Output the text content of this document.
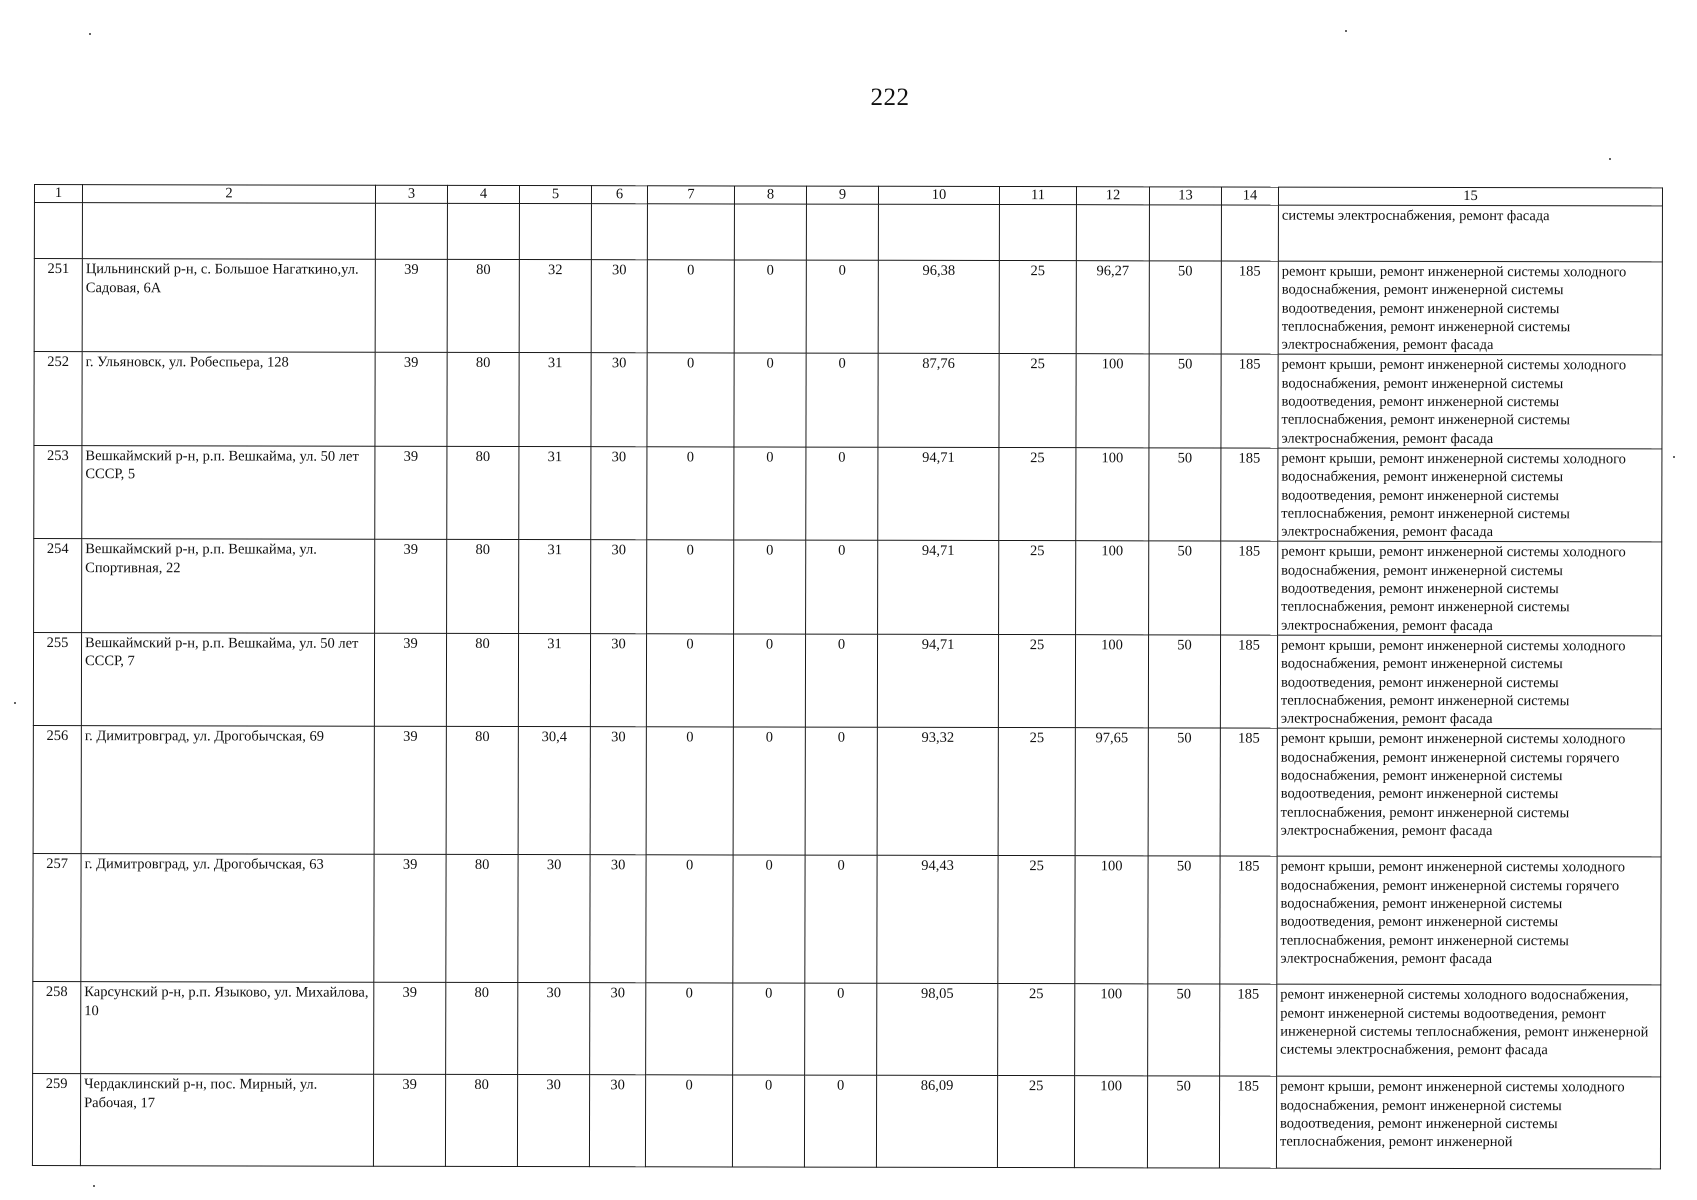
222
1	2	3	4	5	6	7	8	9	10	11	12	13	14	15
														системы электроснабжения, ремонт фасада
251	Цильнинский р-н, с. Большое Нагаткино,ул. Садовая, 6А	39	80	32	30	0	0	0	96,38	25	96,27	50	185	ремонт крыши, ремонт инженерной системы холодного водоснабжения, ремонт инженерной системы водоотведения, ремонт инженерной системы теплоснабжения, ремонт инженерной системы электроснабжения, ремонт фасада
252	г. Ульяновск, ул. Робеспьера, 128	39	80	31	30	0	0	0	87,76	25	100	50	185	ремонт крыши, ремонт инженерной системы холодного водоснабжения, ремонт инженерной системы водоотведения, ремонт инженерной системы теплоснабжения, ремонт инженерной системы электроснабжения, ремонт фасада
253	Вешкаймский р-н, р.п. Вешкайма, ул. 50 лет СССР, 5	39	80	31	30	0	0	0	94,71	25	100	50	185	ремонт крыши, ремонт инженерной системы холодного водоснабжения, ремонт инженерной системы водоотведения, ремонт инженерной системы теплоснабжения, ремонт инженерной системы электроснабжения, ремонт фасада
254	Вешкаймский р-н, р.п. Вешкайма, ул. Спортивная, 22	39	80	31	30	0	0	0	94,71	25	100	50	185	ремонт крыши, ремонт инженерной системы холодного водоснабжения, ремонт инженерной системы водоотведения, ремонт инженерной системы теплоснабжения, ремонт инженерной системы электроснабжения, ремонт фасада
255	Вешкаймский р-н, р.п. Вешкайма, ул. 50 лет СССР, 7	39	80	31	30	0	0	0	94,71	25	100	50	185	ремонт крыши, ремонт инженерной системы холодного водоснабжения, ремонт инженерной системы водоотведения, ремонт инженерной системы теплоснабжения, ремонт инженерной системы электроснабжения, ремонт фасада
256	г. Димитровград, ул. Дрогобычская, 69	39	80	30,4	30	0	0	0	93,32	25	97,65	50	185	ремонт крыши, ремонт инженерной системы холодного водоснабжения, ремонт инженерной системы горячего водоснабжения, ремонт инженерной системы водоотведения, ремонт инженерной системы теплоснабжения, ремонт инженерной системы электроснабжения, ремонт фасада
257	г. Димитровград, ул. Дрогобычская, 63	39	80	30	30	0	0	0	94,43	25	100	50	185	ремонт крыши, ремонт инженерной системы холодного водоснабжения, ремонт инженерной системы горячего водоснабжения, ремонт инженерной системы водоотведения, ремонт инженерной системы теплоснабжения, ремонт инженерной системы электроснабжения, ремонт фасада
258	Карсунский р-н, р.п. Языково, ул. Михайлова, 10	39	80	30	30	0	0	0	98,05	25	100	50	185	ремонт инженерной системы холодного водоснабжения, ремонт инженерной системы водоотведения, ремонт инженерной системы теплоснабжения, ремонт инженерной системы электроснабжения, ремонт фасада
259	Чердаклинский р-н, пос. Мирный, ул. Рабочая, 17	39	80	30	30	0	0	0	86,09	25	100	50	185	ремонт крыши, ремонт инженерной системы холодного водоснабжения, ремонт инженерной системы водоотведения, ремонт инженерной системы теплоснабжения, ремонт инженерной
